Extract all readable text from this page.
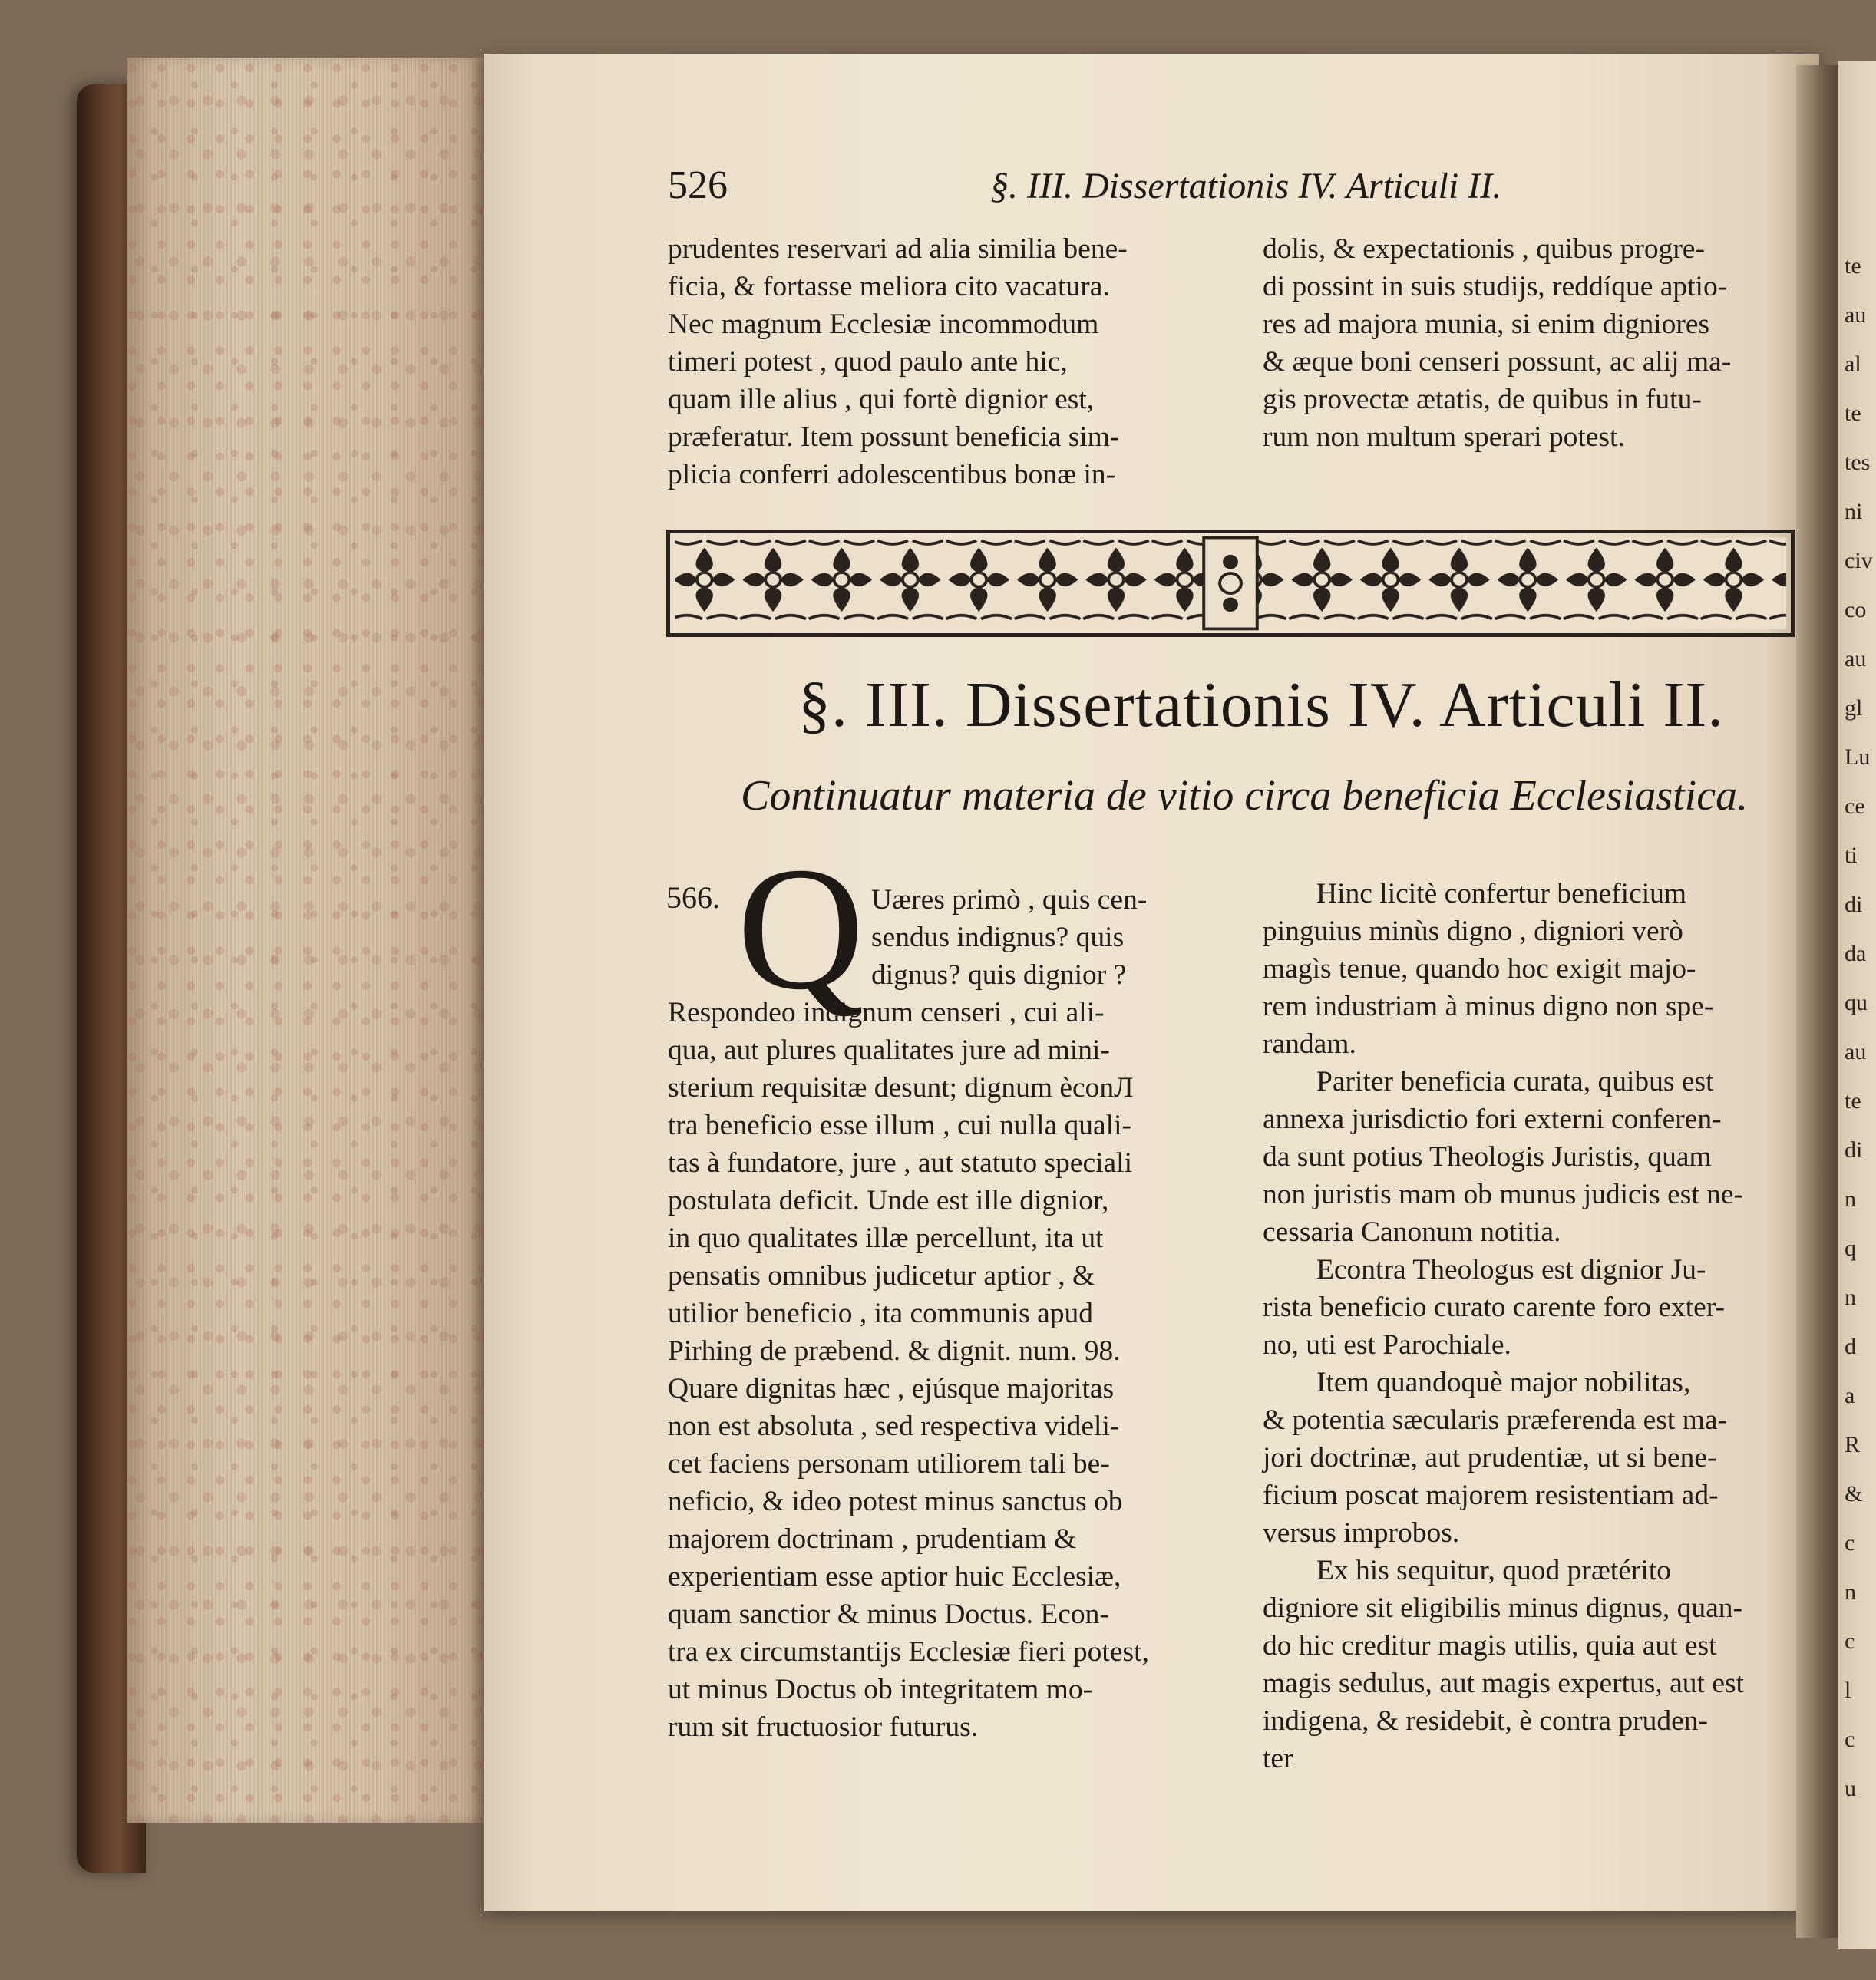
te
au
al
te
tes
ni
civ
co
au
gl
Lu
ce
ti
di
da
qu
au
te
di
n
q
n
d
a
R
&
c
n
c
l
c
u
526	§. III. Dissertationis IV. Articuli II.
prudentes reservari ad alia similia bene-
ficia, & fortasse meliora cito vacatura.
Nec magnum Ecclesiæ incommodum
timeri potest , quod paulo ante hic,
quam ille alius , qui fortè dignior est,
præferatur. Item possunt beneficia sim-
plicia conferri adolescentibus bonæ in-
dolis, & expectationis , quibus progre-
di possint in suis studijs, reddíque aptio-
res ad majora munia, si enim digniores
& æque boni censeri possunt, ac alij ma-
gis provectæ ætatis, de quibus in futu-
rum non multum sperari potest.
§. III. Dissertationis IV. Articuli II.
Continuatur materia de vitio circa beneficia Ecclesiastica.
566. Q Uæres primò , quis cen-
sendus indignus? quis
dignus? quis dignior ?
Respondeo indignum censeri , cui ali-
qua, aut plures qualitates jure ad mini-
sterium requisitæ desunt; dignum èconЛ
tra beneficio esse illum , cui nulla quali-
tas à fundatore, jure , aut statuto speciali
postulata deficit. Unde est ille dignior,
in quo qualitates illæ percellunt, ita ut
pensatis omnibus judicetur aptior , &
utilior beneficio , ita communis apud
Pirhing de præbend. & dignit. num. 98.
Quare dignitas hæc , ejúsque majoritas
non est absoluta , sed respectiva videli-
cet faciens personam utiliorem tali be-
neficio, & ideo potest minus sanctus ob
majorem doctrinam , prudentiam &
experientiam esse aptior huic Ecclesiæ,
quam sanctior & minus Doctus. Econ-
tra ex circumstantijs Ecclesiæ fieri potest,
ut minus Doctus ob integritatem mo-
rum sit fructuosior futurus.
Hinc licitè confertur beneficium
pinguius minùs digno , digniori verò
magìs tenue, quando hoc exigit majo-
rem industriam à minus digno non spe-
randam.
Pariter beneficia curata, quibus est
annexa jurisdictio fori externi conferen-
da sunt potius Theologis Juristis, quam
non juristis mam ob munus judicis est ne-
cessaria Canonum notitia.
Econtra Theologus est dignior Ju-
rista beneficio curato carente foro exter-
no, uti est Parochiale.
Item quandoquè major nobilitas,
& potentia sæcularis præferenda est ma-
jori doctrinæ, aut prudentiæ, ut si bene-
ficium poscat majorem resistentiam ad-
versus improbos.
Ex his sequitur, quod prætérito
digniore sit eligibilis minus dignus, quan-
do hic creditur magis utilis, quia aut est
magis sedulus, aut magis expertus, aut est
indigena, & residebit, è contra pruden-
ter
